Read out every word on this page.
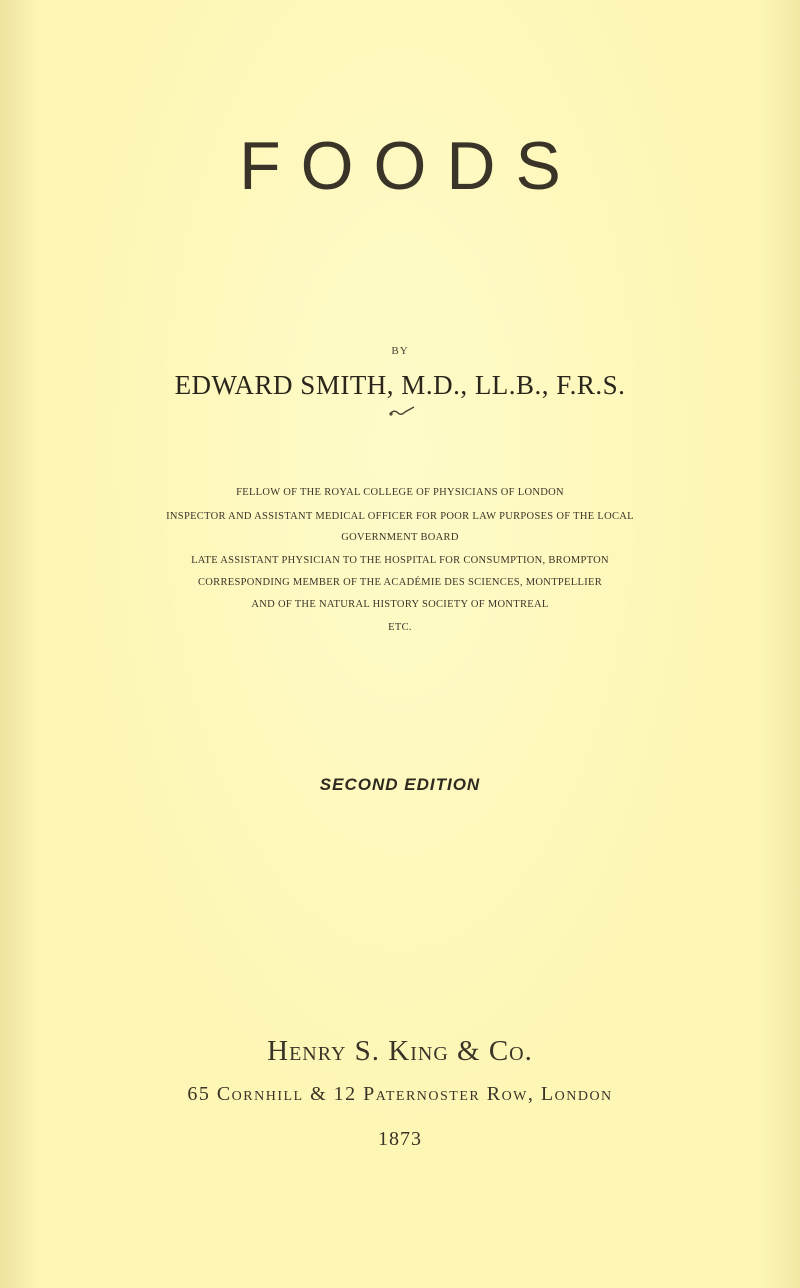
FOODS
BY
EDWARD SMITH, M.D., LL.B., F.R.S.
FELLOW OF THE ROYAL COLLEGE OF PHYSICIANS OF LONDON
INSPECTOR AND ASSISTANT MEDICAL OFFICER FOR POOR LAW PURPOSES OF THE LOCAL
GOVERNMENT BOARD
LATE ASSISTANT PHYSICIAN TO THE HOSPITAL FOR CONSUMPTION, BROMPTON
CORRESPONDING MEMBER OF THE ACADÉMIE DES SCIENCES, MONTPELLIER
AND OF THE NATURAL HISTORY SOCIETY OF MONTREAL
ETC.
SECOND EDITION
Henry S. King & Co.
65 Cornhill & 12 Paternoster Row, London
1873
